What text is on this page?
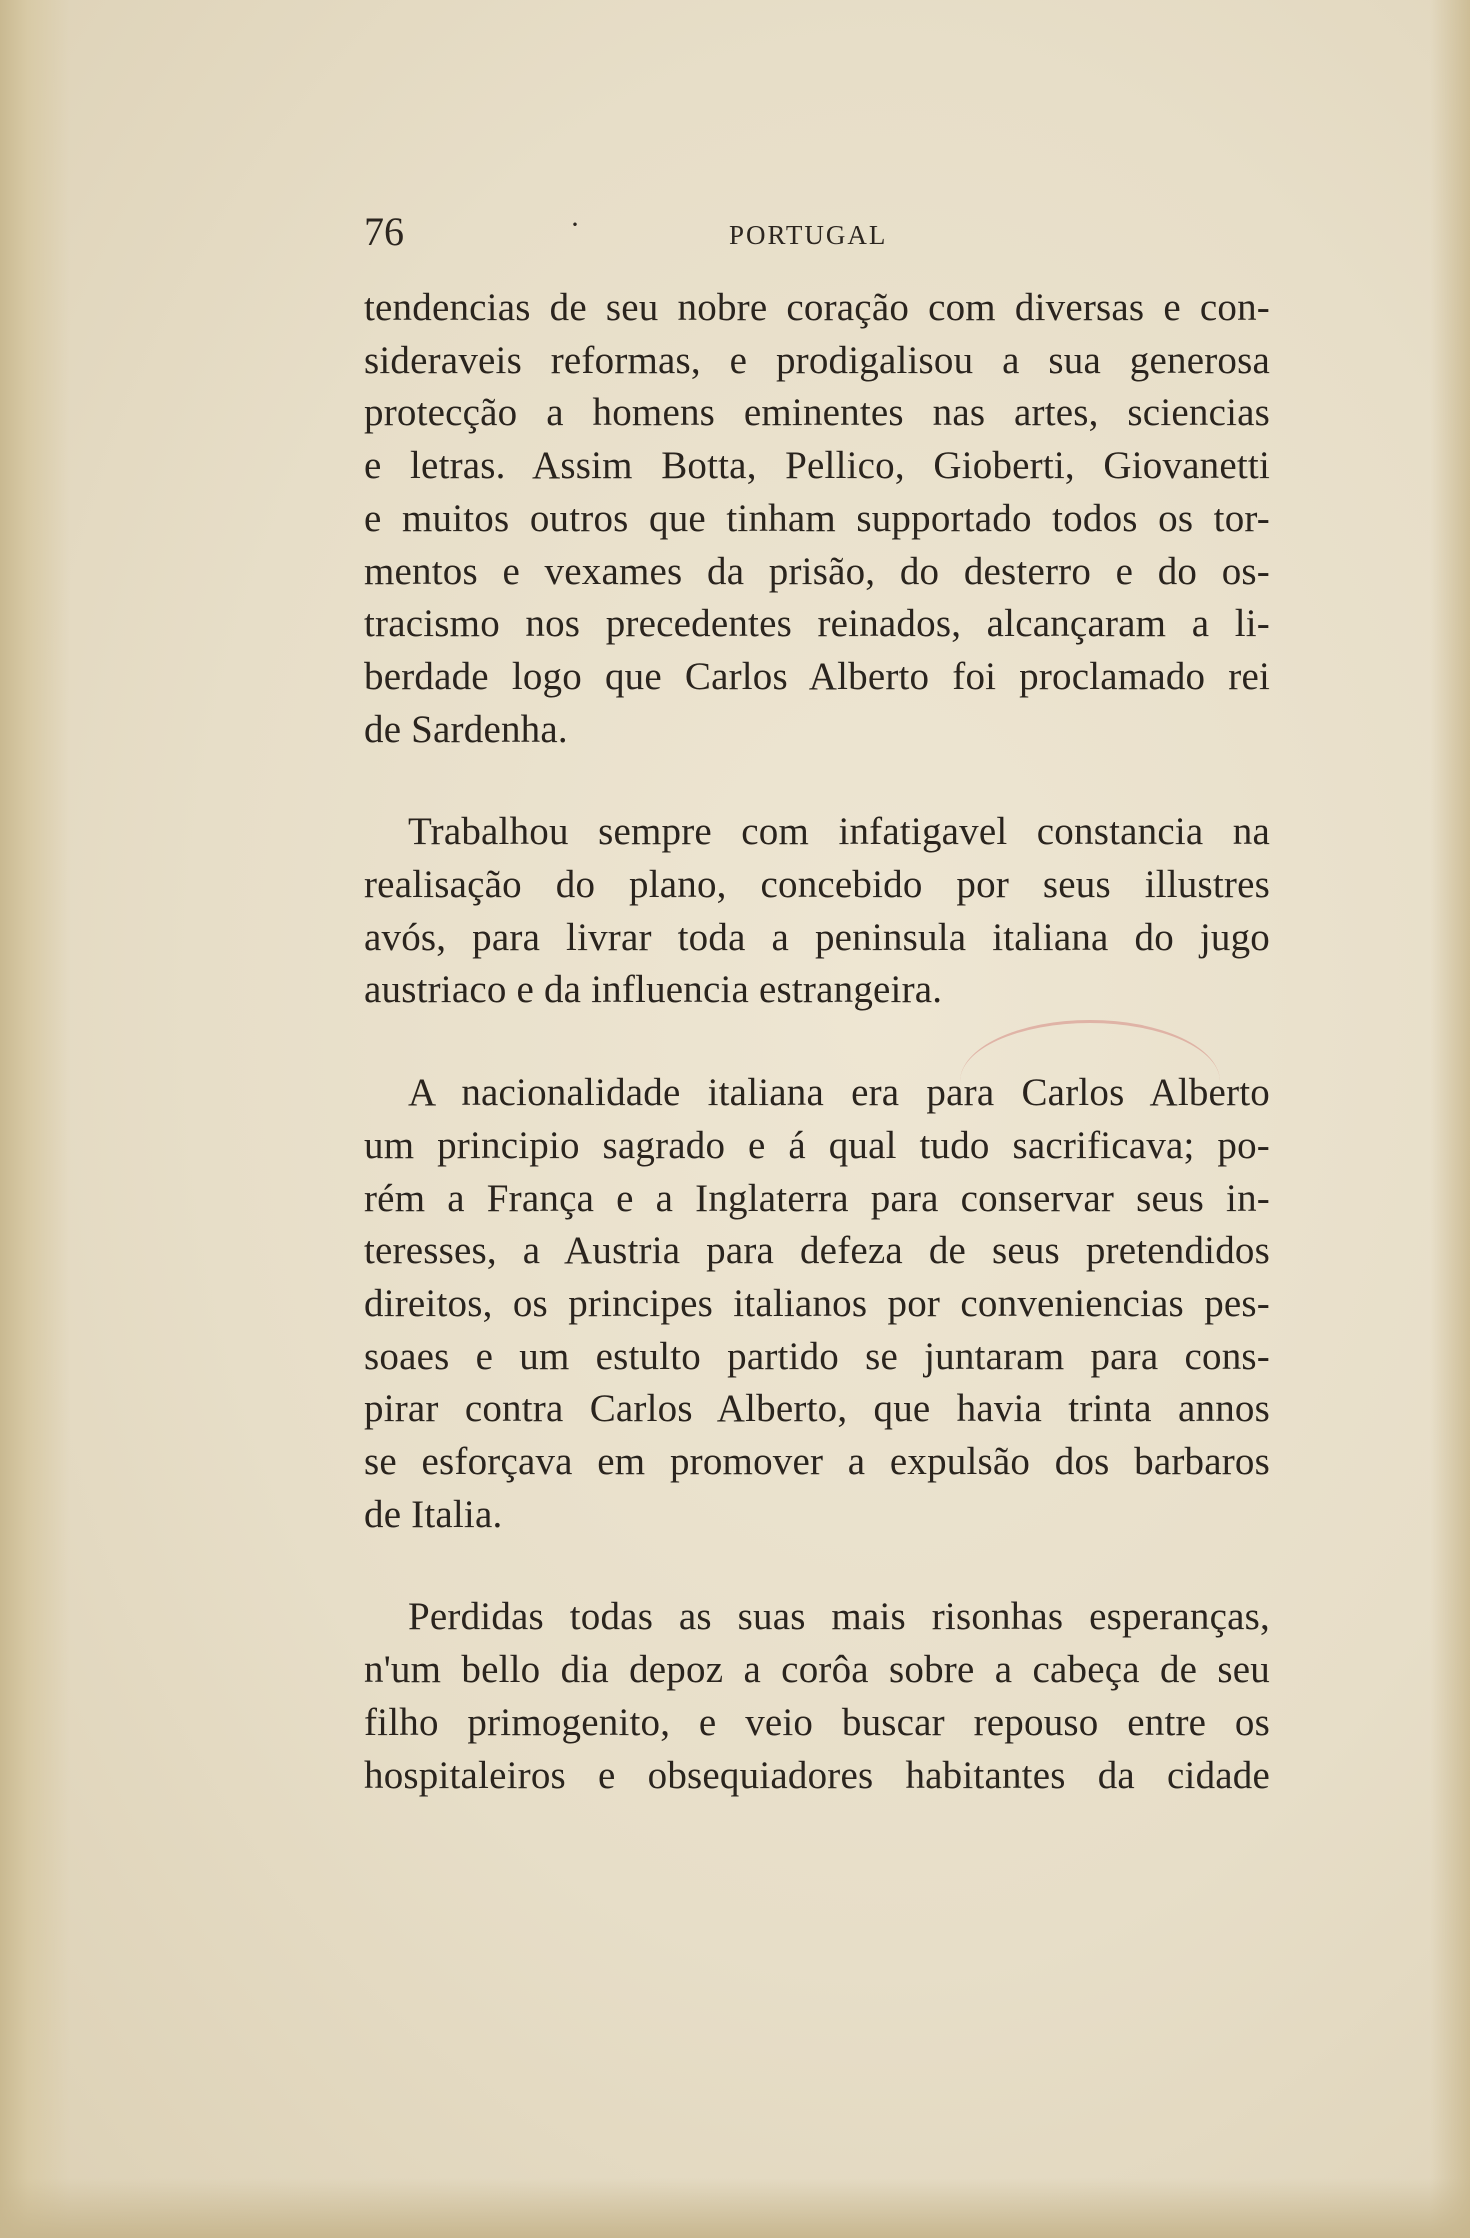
76	·	PORTUGAL

tendencias de seu nobre coração com diversas e con-
sideraveis reformas, e prodigalisou a sua generosa
protecção a homens eminentes nas artes, sciencias
e letras. Assim Botta, Pellico, Gioberti, Giovanetti
e muitos outros que tinham supportado todos os tor-
mentos e vexames da prisão, do desterro e do os-
tracismo nos precedentes reinados, alcançaram a li-
berdade logo que Carlos Alberto foi proclamado rei
de Sardenha.

Trabalhou sempre com infatigavel constancia na
realisação do plano, concebido por seus illustres
avós, para livrar toda a peninsula italiana do jugo
austriaco e da influencia estrangeira.

A nacionalidade italiana era para Carlos Alberto
um principio sagrado e á qual tudo sacrificava; po-
rém a França e a Inglaterra para conservar seus in-
teresses, a Austria para defeza de seus pretendidos
direitos, os principes italianos por conveniencias pes-
soaes e um estulto partido se juntaram para cons-
pirar contra Carlos Alberto, que havia trinta annos
se esforçava em promover a expulsão dos barbaros
de Italia.

Perdidas todas as suas mais risonhas esperanças,
n'um bello dia depoz a corôa sobre a cabeça de seu
filho primogenito, e veio buscar repouso entre os
hospitaleiros e obsequiadores habitantes da cidade
